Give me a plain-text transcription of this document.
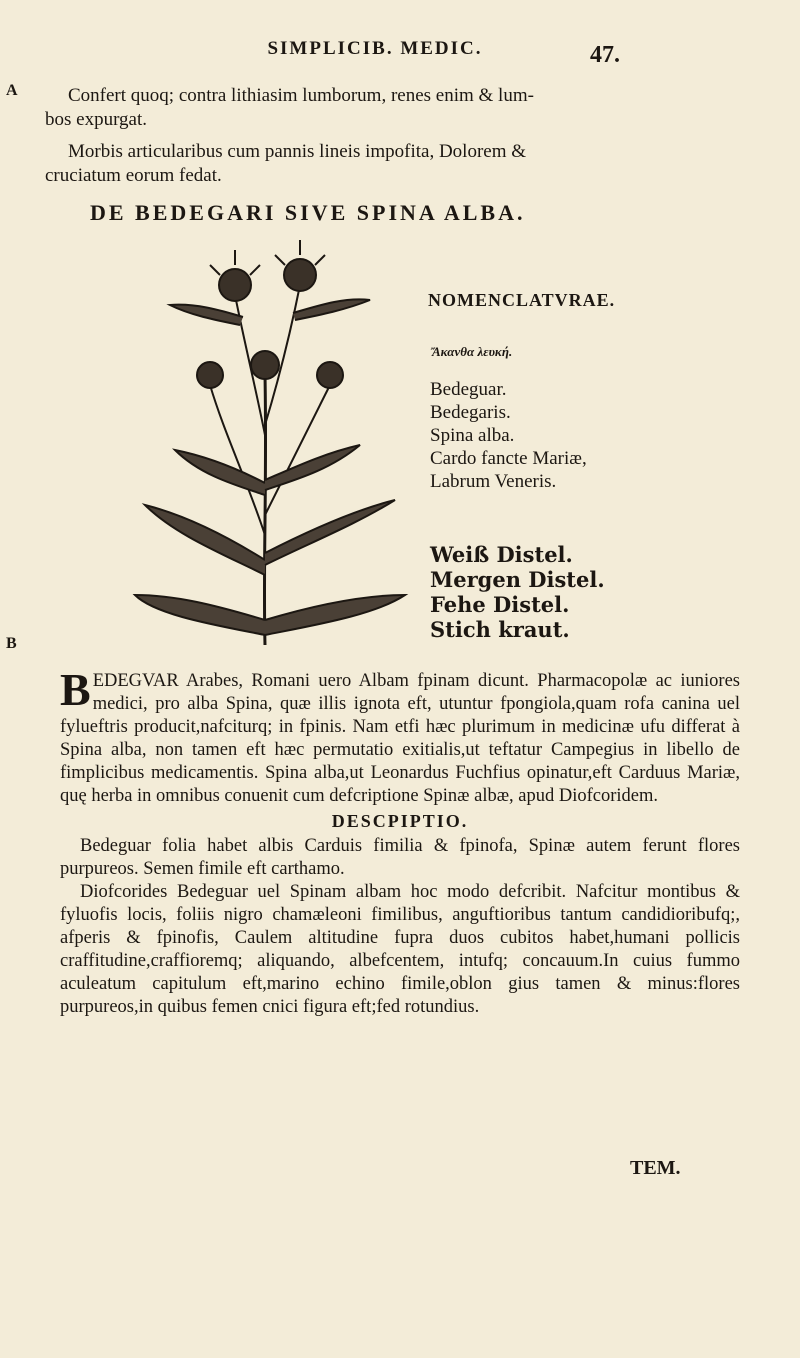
SIMPLICIB. MEDIC.	47.
A
B
Confert quoq; contra lithiasim lumborum, renes enim & lum-
bos expurgat.
Morbis articularibus cum pannis lineis impofita, Dolorem &
cruciatum eorum fedat.
DE BEDEGARI SIVE SPINA ALBA.
NOMENCLATVRAE.
Ἄκανθα λευκή.
Bedeguar.
Bedegaris.
Spina alba.
Cardo fancte Mariæ,
Labrum Veneris.
Weiß Distel.
Mergen Distel.
Fehe Distel.
Stich kraut.

BEDEGVAR Arabes, Romani uero Albam fpinam dicunt. Pharmacopolæ ac iuniores medici, pro alba Spina, quæ illis ignota eft, utuntur fpongiola,quam rofa canina uel fylueftris producit,nafciturq; in fpinis. Nam etfi hæc plurimum in medicinæ ufu differat à Spina alba, non tamen eft hæc permutatio exitialis,ut teftatur Campegius in libello de fimplicibus medicamentis. Spina alba,ut Leonardus Fuchfius opinatur,eft Carduus Mariæ, quę herba in omnibus conuenit cum defcriptione Spinæ albæ, apud Diofcoridem.

DESCPIPTIO.

Bedeguar folia habet albis Carduis fimilia & fpinofa, Spinæ autem ferunt flores purpureos. Semen fimile eft carthamo.

Diofcorides Bedeguar uel Spinam albam hoc modo defcribit. Nafcitur montibus & fyluofis locis, foliis nigro chamæleoni fimilibus, anguftioribus tantum candidioribufq;, afperis & fpinofis, Caulem altitudine fupra duos cubitos habet,humani pollicis craffitudine,craffioremq; aliquando, albefcentem, intufq; concauum.In cuius fummo aculeatum capitulum eft,marino echino fimile,oblon gius tamen & minus:flores purpureos,in quibus femen cnici figura eft;fed rotundius.

TEM.
